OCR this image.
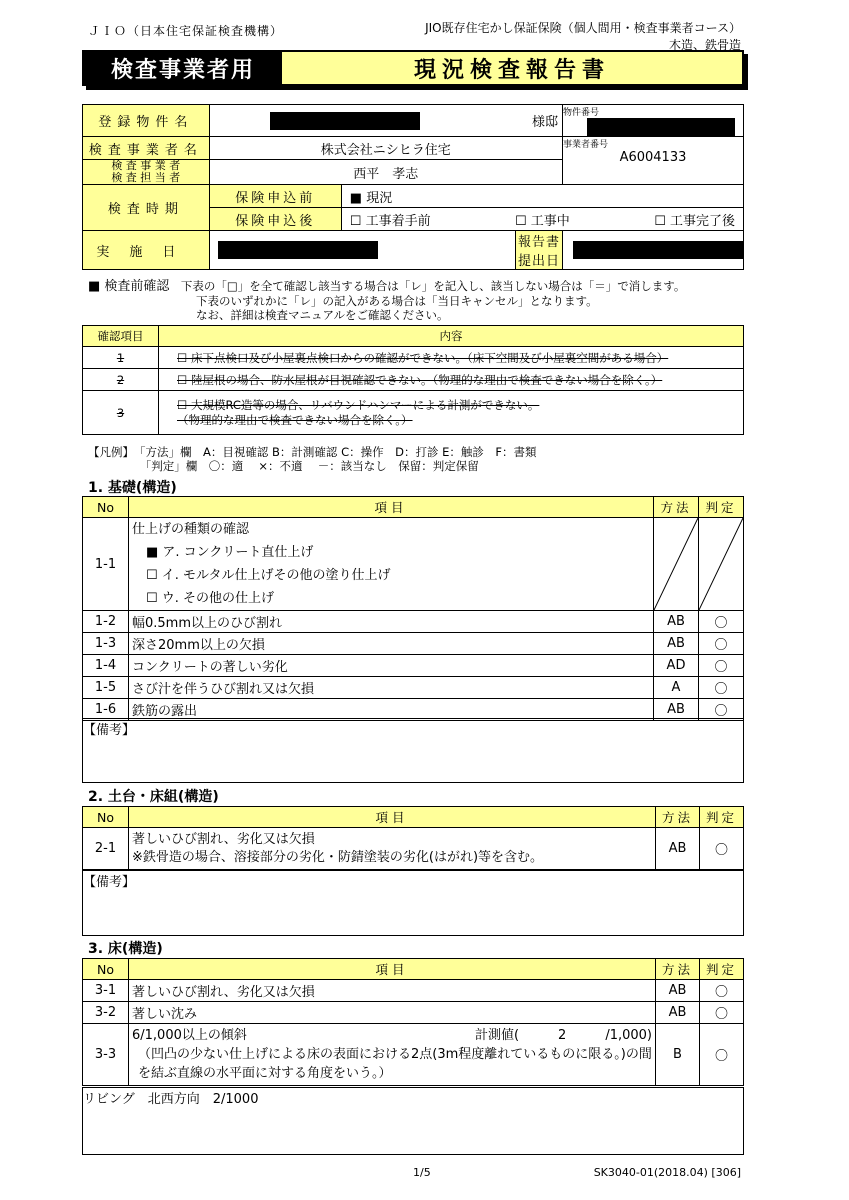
ＪＩＯ（日本住宅保証検査機構）	JIO既存住宅かし保証保険（個人間用・検査事業者コース）
木造、鉄骨造
検査事業者用	現況検査報告書
登録物件名			様邸	物件番号

検査事業者名	株式会社ニシヒラ住宅			事業者番号
A6004133

検 査 事 業 者
検 査 担 当 者	西平　孝志			
検査時期	保険申込前	■ 現況		
	保険申込後	☐ 工事着手前 ☐ 工事中 ☐ 工事完了後		

実施日			報告書提出日	
■ 検査前確認　 下表の「□」を全て確認し該当する場合は「レ」を記入し、該当しない場合は「＝」で消します。
下表のいずれかに「レ」の記入がある場合は「当日キャンセル」となります。
なお、詳細は検査マニュアルをご確認ください。
確認項目	内容
1	☐ 床下点検口及び小屋裏点検口からの確認ができない。（床下空間及び小屋裏空間がある場合）
2	☐ 陸屋根の場合、防水屋根が目視確認できない。（物理的な理由で検査できない場合を除く。）
3	☐ 大規模RC造等の場合、リバウンドハンマーによる計測ができない。
（物理的な理由で検査できない場合を除く。）
【凡例】　「方法」欄　A：目視確認 B：計測確認 C：操作　D：打診 E：触診　F：書類
　　　　　「判定」欄　〇：適　 ×：不適　 －：該当なし　保留：判定保留
1. 基礎(構造)
No	項目	方法	判定
1-1	仕上げの種類の確認
■ ア. コンクリート直仕上げ
☐ イ. モルタル仕上げその他の塗り仕上げ
☐ ウ. その他の仕上げ

1-2	幅0.5mm以上のひび割れ	AB	〇
1-3	深さ20mm以上の欠損	AB	〇
1-4	コンクリートの著しい劣化	AD	〇
1-5	さび汁を伴うひび割れ又は欠損	A	〇
1-6	鉄筋の露出	AB	〇
【備考】
2. 土台・床組(構造)
No	項目	方法	判定
2-1	著しいひび割れ、劣化又は欠損
※鉄骨造の場合、溶接部分の劣化・防錆塗装の劣化(はがれ)等を含む。	AB	〇
【備考】
3. 床(構造)
No	項目	方法	判定
3-1	著しいひび割れ、劣化又は欠損	AB	〇
3-2	著しい沈み	AB	〇
3-3	6/1,000以上の傾斜 計測値(　　　2　　　/1,000)
（凹凸の少ない仕上げによる床の表面における2点(3m程度離れているものに限る。)の間を結ぶ直線の水平面に対する角度をいう。）	B	〇
リビング　北西方向　2/1000
1/5	SK3040-01(2018.04) [306]
